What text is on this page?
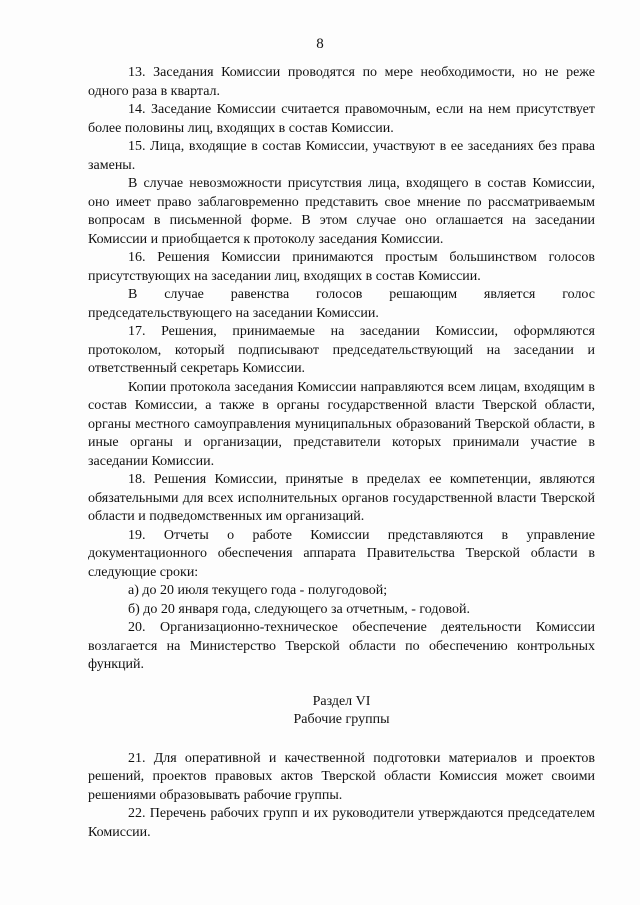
8

13. Заседания Комиссии проводятся по мере необходимости, но не реже одного раза в квартал.

14. Заседание Комиссии считается правомочным, если на нем присутствует более половины лиц, входящих в состав Комиссии.

15. Лица, входящие в состав Комиссии, участвуют в ее заседаниях без права замены.

В случае невозможности присутствия лица, входящего в состав Комиссии, оно имеет право заблаговременно представить свое мнение по рассматриваемым вопросам в письменной форме. В этом случае оно оглашается на заседании Комиссии и приобщается к протоколу заседания Комиссии.

16. Решения Комиссии принимаются простым большинством голосов присутствующих на заседании лиц, входящих в состав Комиссии.

В случае равенства голосов решающим является голос председательствующего на заседании Комиссии.

17. Решения, принимаемые на заседании Комиссии, оформляются протоколом, который подписывают председательствующий на заседании и ответственный секретарь Комиссии.

Копии протокола заседания Комиссии направляются всем лицам, входящим в состав Комиссии, а также в органы государственной власти Тверской области, органы местного самоуправления муниципальных образований Тверской области, в иные органы и организации, представители которых принимали участие в заседании Комиссии.

18. Решения Комиссии, принятые в пределах ее компетенции, являются обязательными для всех исполнительных органов государственной власти Тверской области и подведомственных им организаций.

19. Отчеты о работе Комиссии представляются в управление документационного обеспечения аппарата Правительства Тверской области в следующие сроки:

а) до 20 июля текущего года - полугодовой;

б) до 20 января года, следующего за отчетным, - годовой.

20. Организационно-техническое обеспечение деятельности Комиссии возлагается на Министерство Тверской области по обеспечению контрольных функций.

Раздел VI
Рабочие группы

21. Для оперативной и качественной подготовки материалов и проектов решений, проектов правовых актов Тверской области Комиссия может своими решениями образовывать рабочие группы.

22. Перечень рабочих групп и их руководители утверждаются председателем Комиссии.
